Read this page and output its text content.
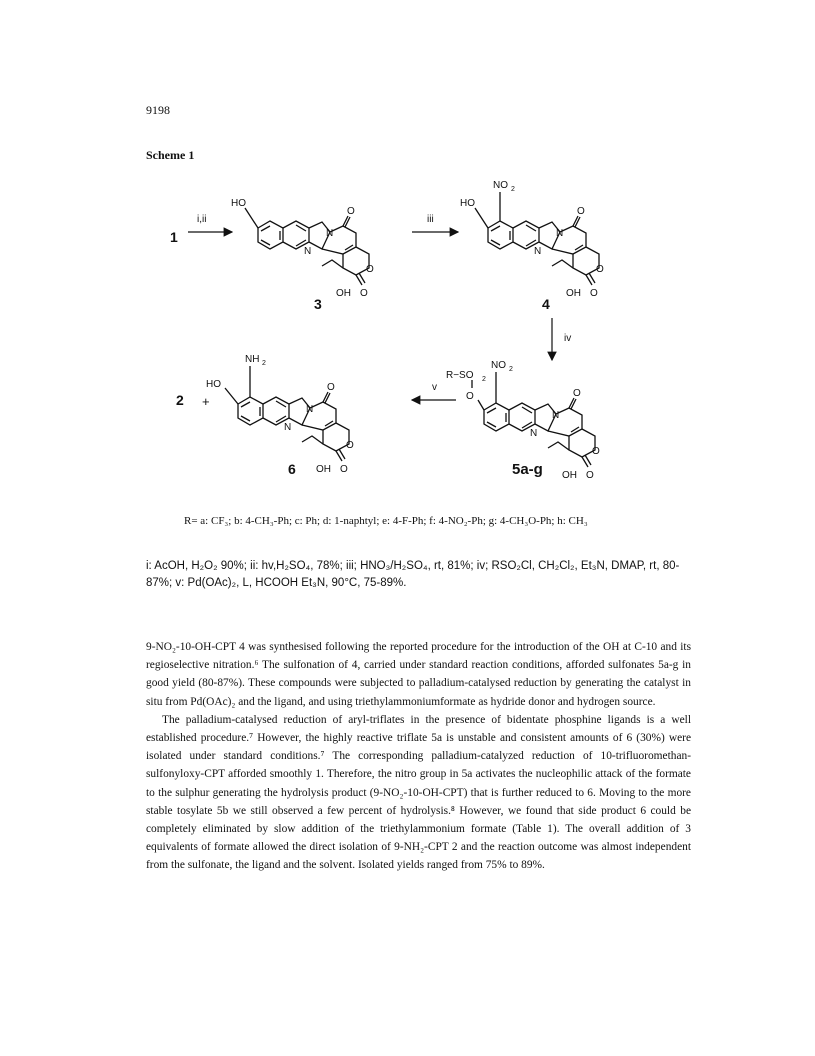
9198
Scheme 1
1
i,ii
HO
N
N
O
O
O
OH
3
iii
HO
NO 2
N
N
O
O
O
OH
4
iv
O
R−SO 2
NO 2
N
N
O
O
O
OH
5a-g
v
2 +
HO
NH 2
N
N
O
O
O
OH
6
R= a: CF₃; b: 4-CH₃-Ph; c: Ph; d: 1-naphtyl; e: 4-F-Ph; f: 4-NO₂-Ph; g: 4-CH₃O-Ph; h: CH₃
i: AcOH, H₂O₂ 90%; ii: hv,H₂SO₄, 78%; iii; HNO₃/H₂SO₄, rt, 81%; iv; RSO₂Cl, CH₂Cl₂, Et₃N, DMAP, rt, 80-87%; v: Pd(OAc)₂, L, HCOOH Et₃N, 90°C, 75-89%.

9-NO₂-10-OH-CPT 4 was synthesised following the reported procedure for the introduction of the OH at C-10 and its regioselective nitration.⁶ The sulfonation of 4, carried under standard reaction conditions, afforded sulfonates 5a-g in good yield (80-87%). These compounds were subjected to palladium-catalysed reduction by generating the catalyst in situ from Pd(OAc)₂ and the ligand, and using triethylammoniumformate as hydride donor and hydrogen source.

The palladium-catalysed reduction of aryl-triflates in the presence of bidentate phosphine ligands is a well established procedure.⁷ However, the highly reactive triflate 5a is unstable and consistent amounts of 6 (30%) were isolated under standard conditions.⁷ The corresponding palladium-catalyzed reduction of 10-trifluoromethan-sulfonyloxy-CPT afforded smoothly 1. Therefore, the nitro group in 5a activates the nucleophilic attack of the formate to the sulphur generating the hydrolysis product (9-NO₂-10-OH-CPT) that is further reduced to 6. Moving to the more stable tosylate 5b we still observed a few percent of hydrolysis.⁸ However, we found that side product 6 could be completely eliminated by slow addition of the triethylammonium formate (Table 1). The overall addition of 3 equivalents of formate allowed the direct isolation of 9-NH₂-CPT 2 and the reaction outcome was almost independent from the sulfonate, the ligand and the solvent. Isolated yields ranged from 75% to 89%.
